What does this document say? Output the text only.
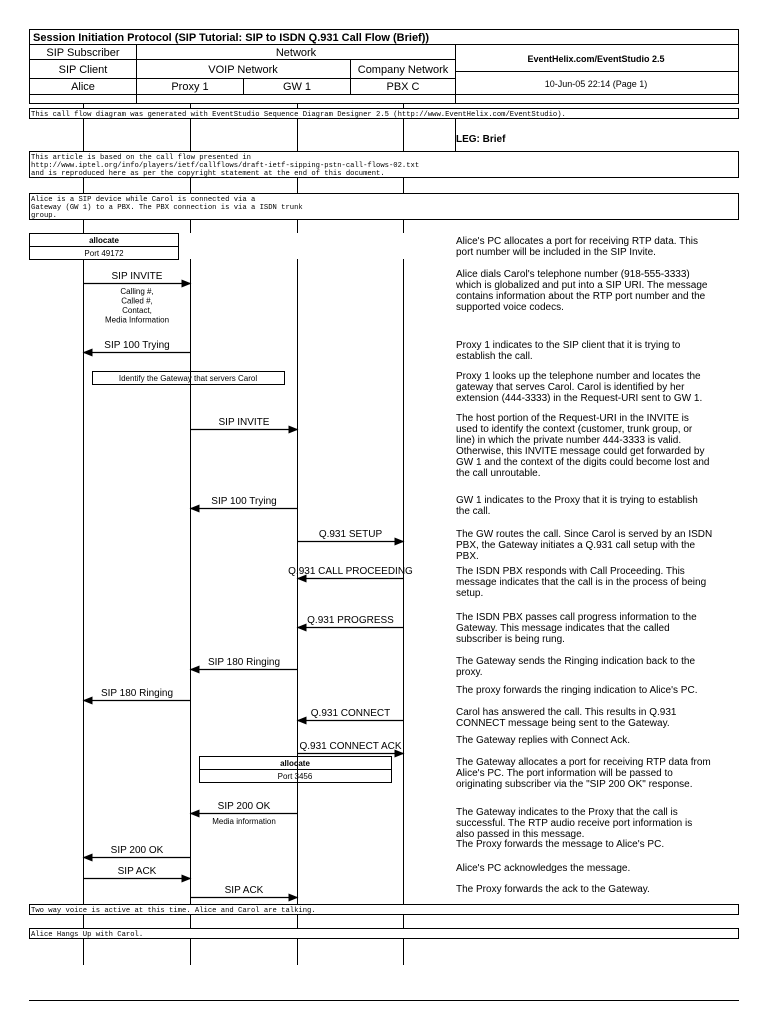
Session Initiation Protocol (SIP Tutorial: SIP to ISDN Q.931 Call Flow (Brief))
SIP Subscriber	Network
SIP Client	VOIP Network	Company Network
Alice	Proxy 1	GW 1	PBX C
EventHelix.com/EventStudio 2.5
10-Jun-05 22:14 (Page 1)
This call flow diagram was generated with EventStudio Sequence Diagram Designer 2.5 (http://www.EventHelix.com/EventStudio).
LEG: Brief
This article is based on the call flow presented in
http://www.iptel.org/info/players/ietf/callflows/draft-ietf-sipping-pstn-call-flows-02.txt
and is reproduced here as per the copyright statement at the end of this document.
Alice is a SIP device while Carol is connected via a
Gateway (GW 1) to a PBX. The PBX connection is via a ISDN trunk
group.
allocate
Port 49172
Identify the Gateway that servers Carol
allocate
Port 3456
Two way voice is active at this time. Alice and Carol are talking.
Alice Hangs Up with Carol.
SIP INVITE
Calling #,
Called #,
Contact,
Media Information
SIP 100 Trying
SIP INVITE
SIP 100 Trying
Q.931 SETUP
Q.931 CALL PROCEEDING
Q.931 PROGRESS
SIP 180 Ringing
SIP 180 Ringing
Q.931 CONNECT
Q.931 CONNECT ACK
SIP 200 OK
Media information
SIP 200 OK
SIP ACK
SIP ACK
Alice's PC allocates a port for receiving RTP data. This
port number will be included in the SIP Invite.
Alice dials Carol's telephone number (918-555-3333)
which is globalized and put into a SIP URI. The message
contains information about the RTP port number and the
supported voice codecs.
Proxy 1 indicates to the SIP client that it is trying to
establish the call.
Proxy 1 looks up the telephone number and locates the
gateway that serves Carol. Carol is identified by her
extension (444-3333) in the Request-URI sent to GW 1.
The host portion of the Request-URI in the INVITE is
used to identify the context (customer, trunk group, or
line) in which the private number 444-3333 is valid.
Otherwise, this INVITE message could get forwarded by
GW 1 and the context of the digits could become lost and
the call unroutable.
GW 1 indicates to the Proxy that it is trying to establish
the call.
The GW routes the call. Since Carol is served by an ISDN
PBX, the Gateway initiates a Q.931 call setup with the
PBX.
The ISDN PBX responds with Call Proceeding. This
message indicates that the call is in the process of being
setup.
The ISDN PBX passes call progress information to the
Gateway. This message indicates that the called
subscriber is being rung.
The Gateway sends the Ringing indication back to the
proxy.
The proxy forwards the ringing indication to Alice's PC.
Carol has answered the call. This results in Q.931
CONNECT message being sent to the Gateway.
The Gateway replies with Connect Ack.
The Gateway allocates a port for receiving RTP data from
Alice's PC. The port information will be passed to
originating subscriber via the "SIP 200 OK" response.
The Gateway indicates to the Proxy that the call is
successful. The RTP audio receive port information is
also passed in this message.
The Proxy forwards the message to Alice's PC.
Alice's PC acknowledges the message.
The Proxy forwards the ack to the Gateway.
